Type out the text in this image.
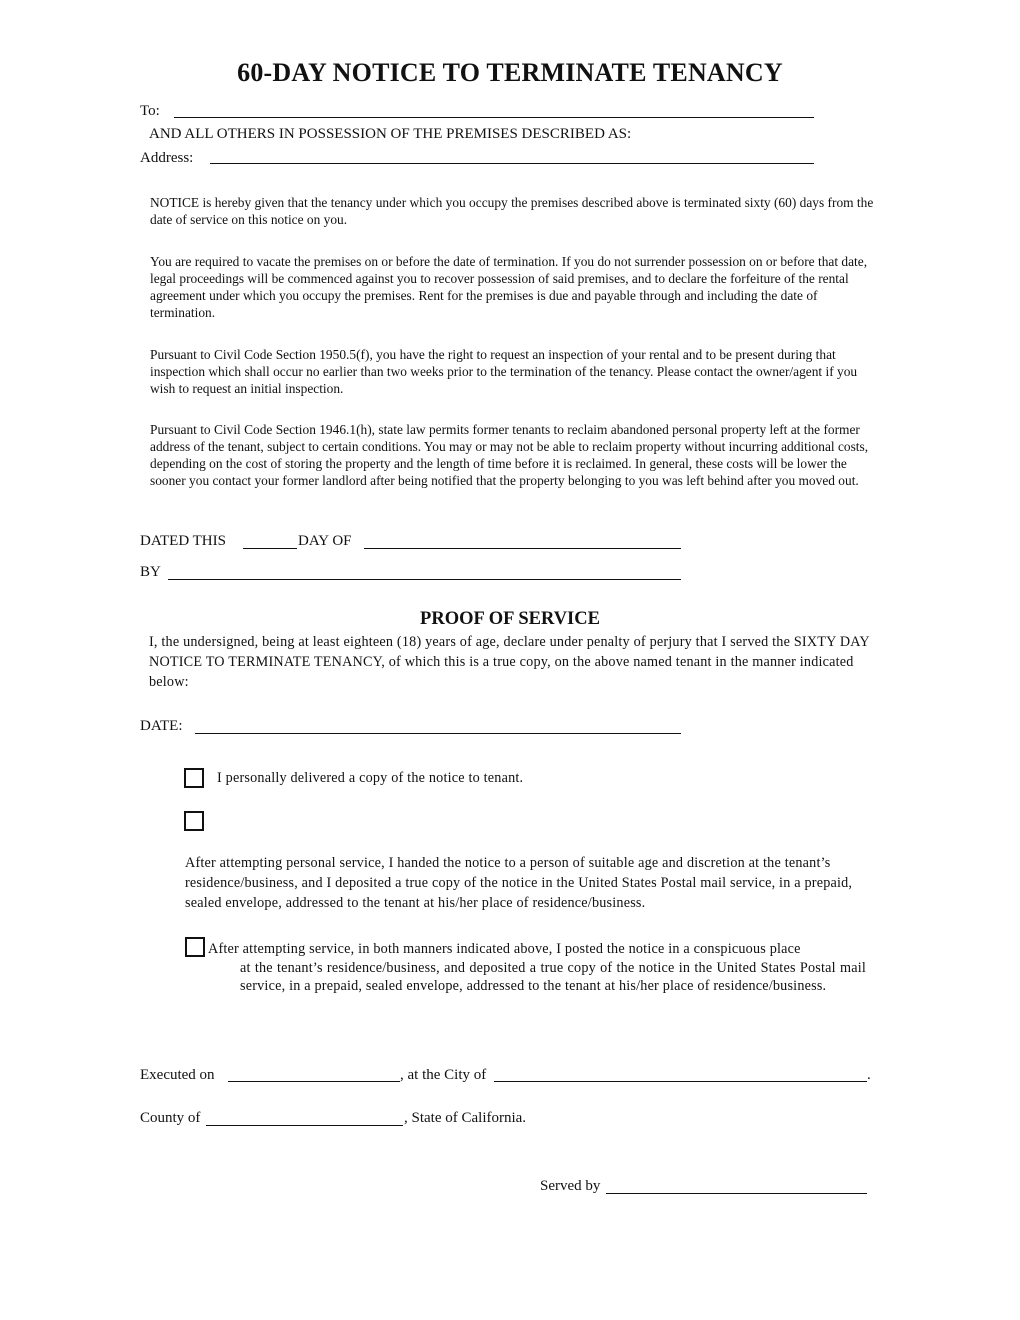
60-DAY NOTICE TO TERMINATE TENANCY
To:
AND ALL OTHERS IN POSSESSION OF THE PREMISES DESCRIBED AS:
Address:
NOTICE is hereby given that the tenancy under which you occupy the premises described above is terminated sixty (60) days from the date of service on this notice on you.
You are required to vacate the premises on or before the date of termination. If you do not surrender possession on or before that date, legal proceedings will be commenced against you to recover possession of said premises, and to declare the forfeiture of the rental agreement under which you occupy the premises. Rent for the premises is due and payable through and including the date of termination.
Pursuant to Civil Code Section 1950.5(f), you have the right to request an inspection of your rental and to be present during that inspection which shall occur no earlier than two weeks prior to the termination of the tenancy. Please contact the owner/agent if you wish to request an initial inspection.
Pursuant to Civil Code Section 1946.1(h), state law permits former tenants to reclaim abandoned personal property left at the former address of the tenant, subject to certain conditions. You may or may not be able to reclaim property without incurring additional costs, depending on the cost of storing the property and the length of time before it is reclaimed. In general, these costs will be lower the sooner you contact your former landlord after being notified that the property belonging to you was left behind after you moved out.
DATED THIS	DAY OF
BY
PROOF OF SERVICE
I, the undersigned, being at least eighteen (18) years of age, declare under penalty of perjury that I served the SIXTY DAY NOTICE TO TERMINATE TENANCY, of which this is a true copy, on the above named tenant in the manner indicated below:
DATE:
I personally delivered a copy of the notice to tenant.
After attempting personal service, I handed the notice to a person of suitable age and discretion at the tenant’s residence/business, and I deposited a true copy of the notice in the United States Postal mail service, in a prepaid, sealed envelope, addressed to the tenant at his/her place of residence/business.
After attempting service, in both manners indicated above, I posted the notice in a conspicuous place
at the tenant’s residence/business, and deposited a true copy of the notice in the United States Postal mail service, in a prepaid, sealed envelope, addressed to the tenant at his/her place of residence/business.
Executed on	, at the City of	.
County of	, State of California.
Served by
